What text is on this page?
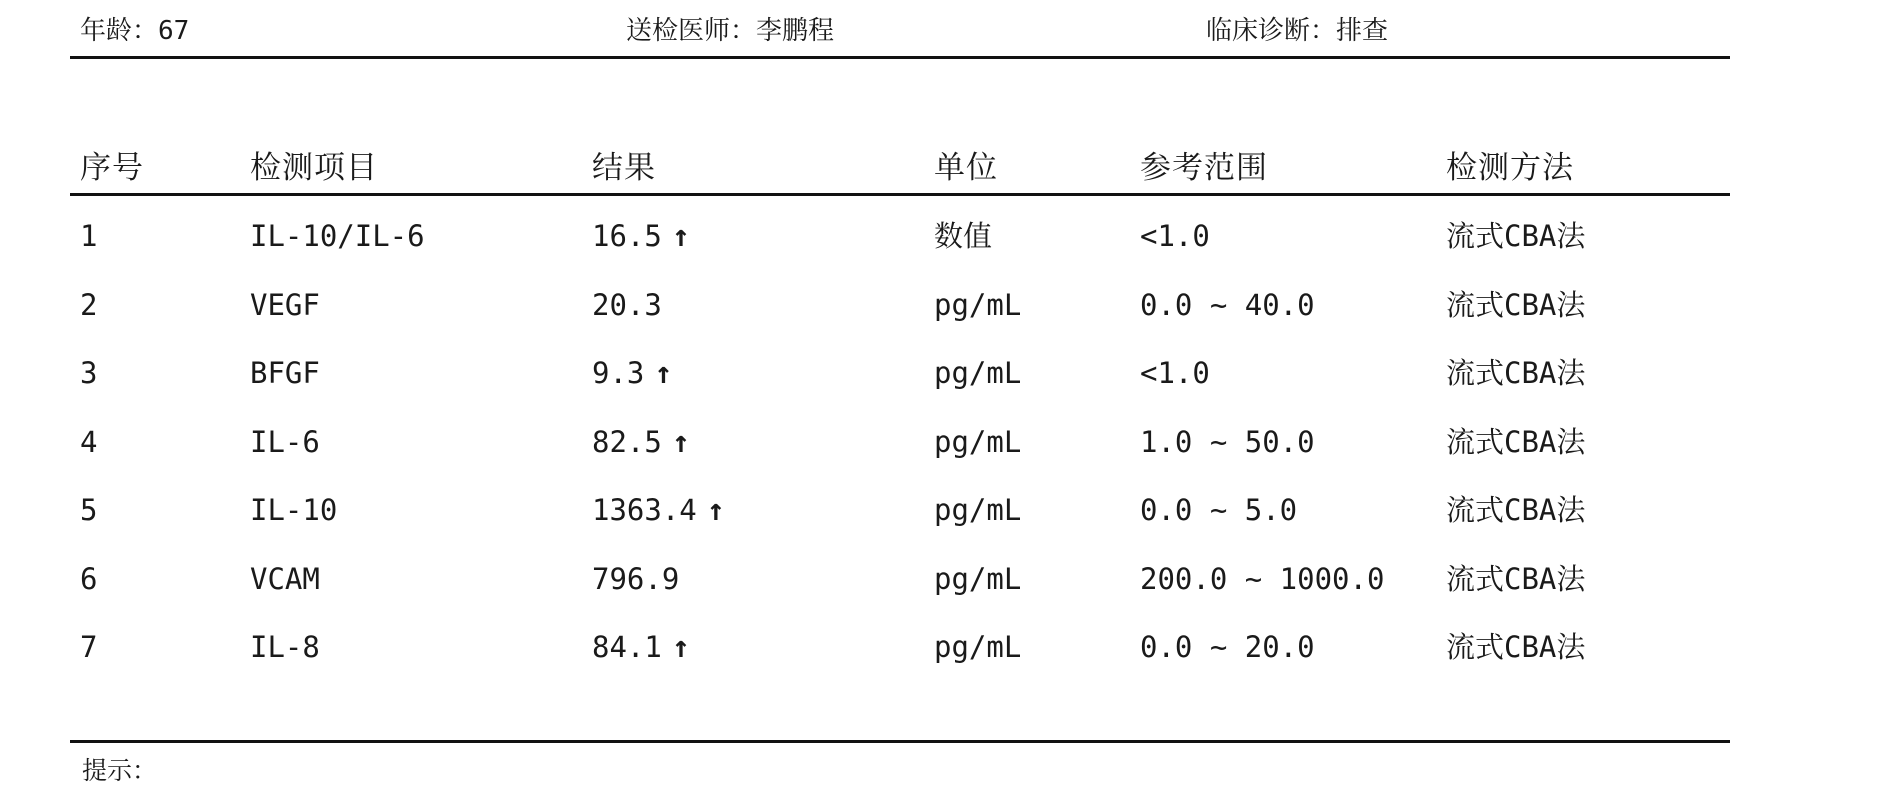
年龄：67	送检医师：李鹏程	临床诊断：排查
序号	检测项目	结果	单位	参考范围	检测方法
1	IL-10/IL-6	16.5 ↑	数值	<1.0	流式CBA法
2	VEGF	20.3	pg/mL	0.0 ~ 40.0	流式CBA法
3	BFGF	9.3 ↑	pg/mL	<1.0	流式CBA法
4	IL-6	82.5 ↑	pg/mL	1.0 ~ 50.0	流式CBA法
5	IL-10	1363.4 ↑	pg/mL	0.0 ~ 5.0	流式CBA法
6	VCAM	796.9	pg/mL	200.0 ~ 1000.0 流式CBA法
7	IL-8	84.1 ↑	pg/mL	0.0 ~ 20.0	流式CBA法
提示：
